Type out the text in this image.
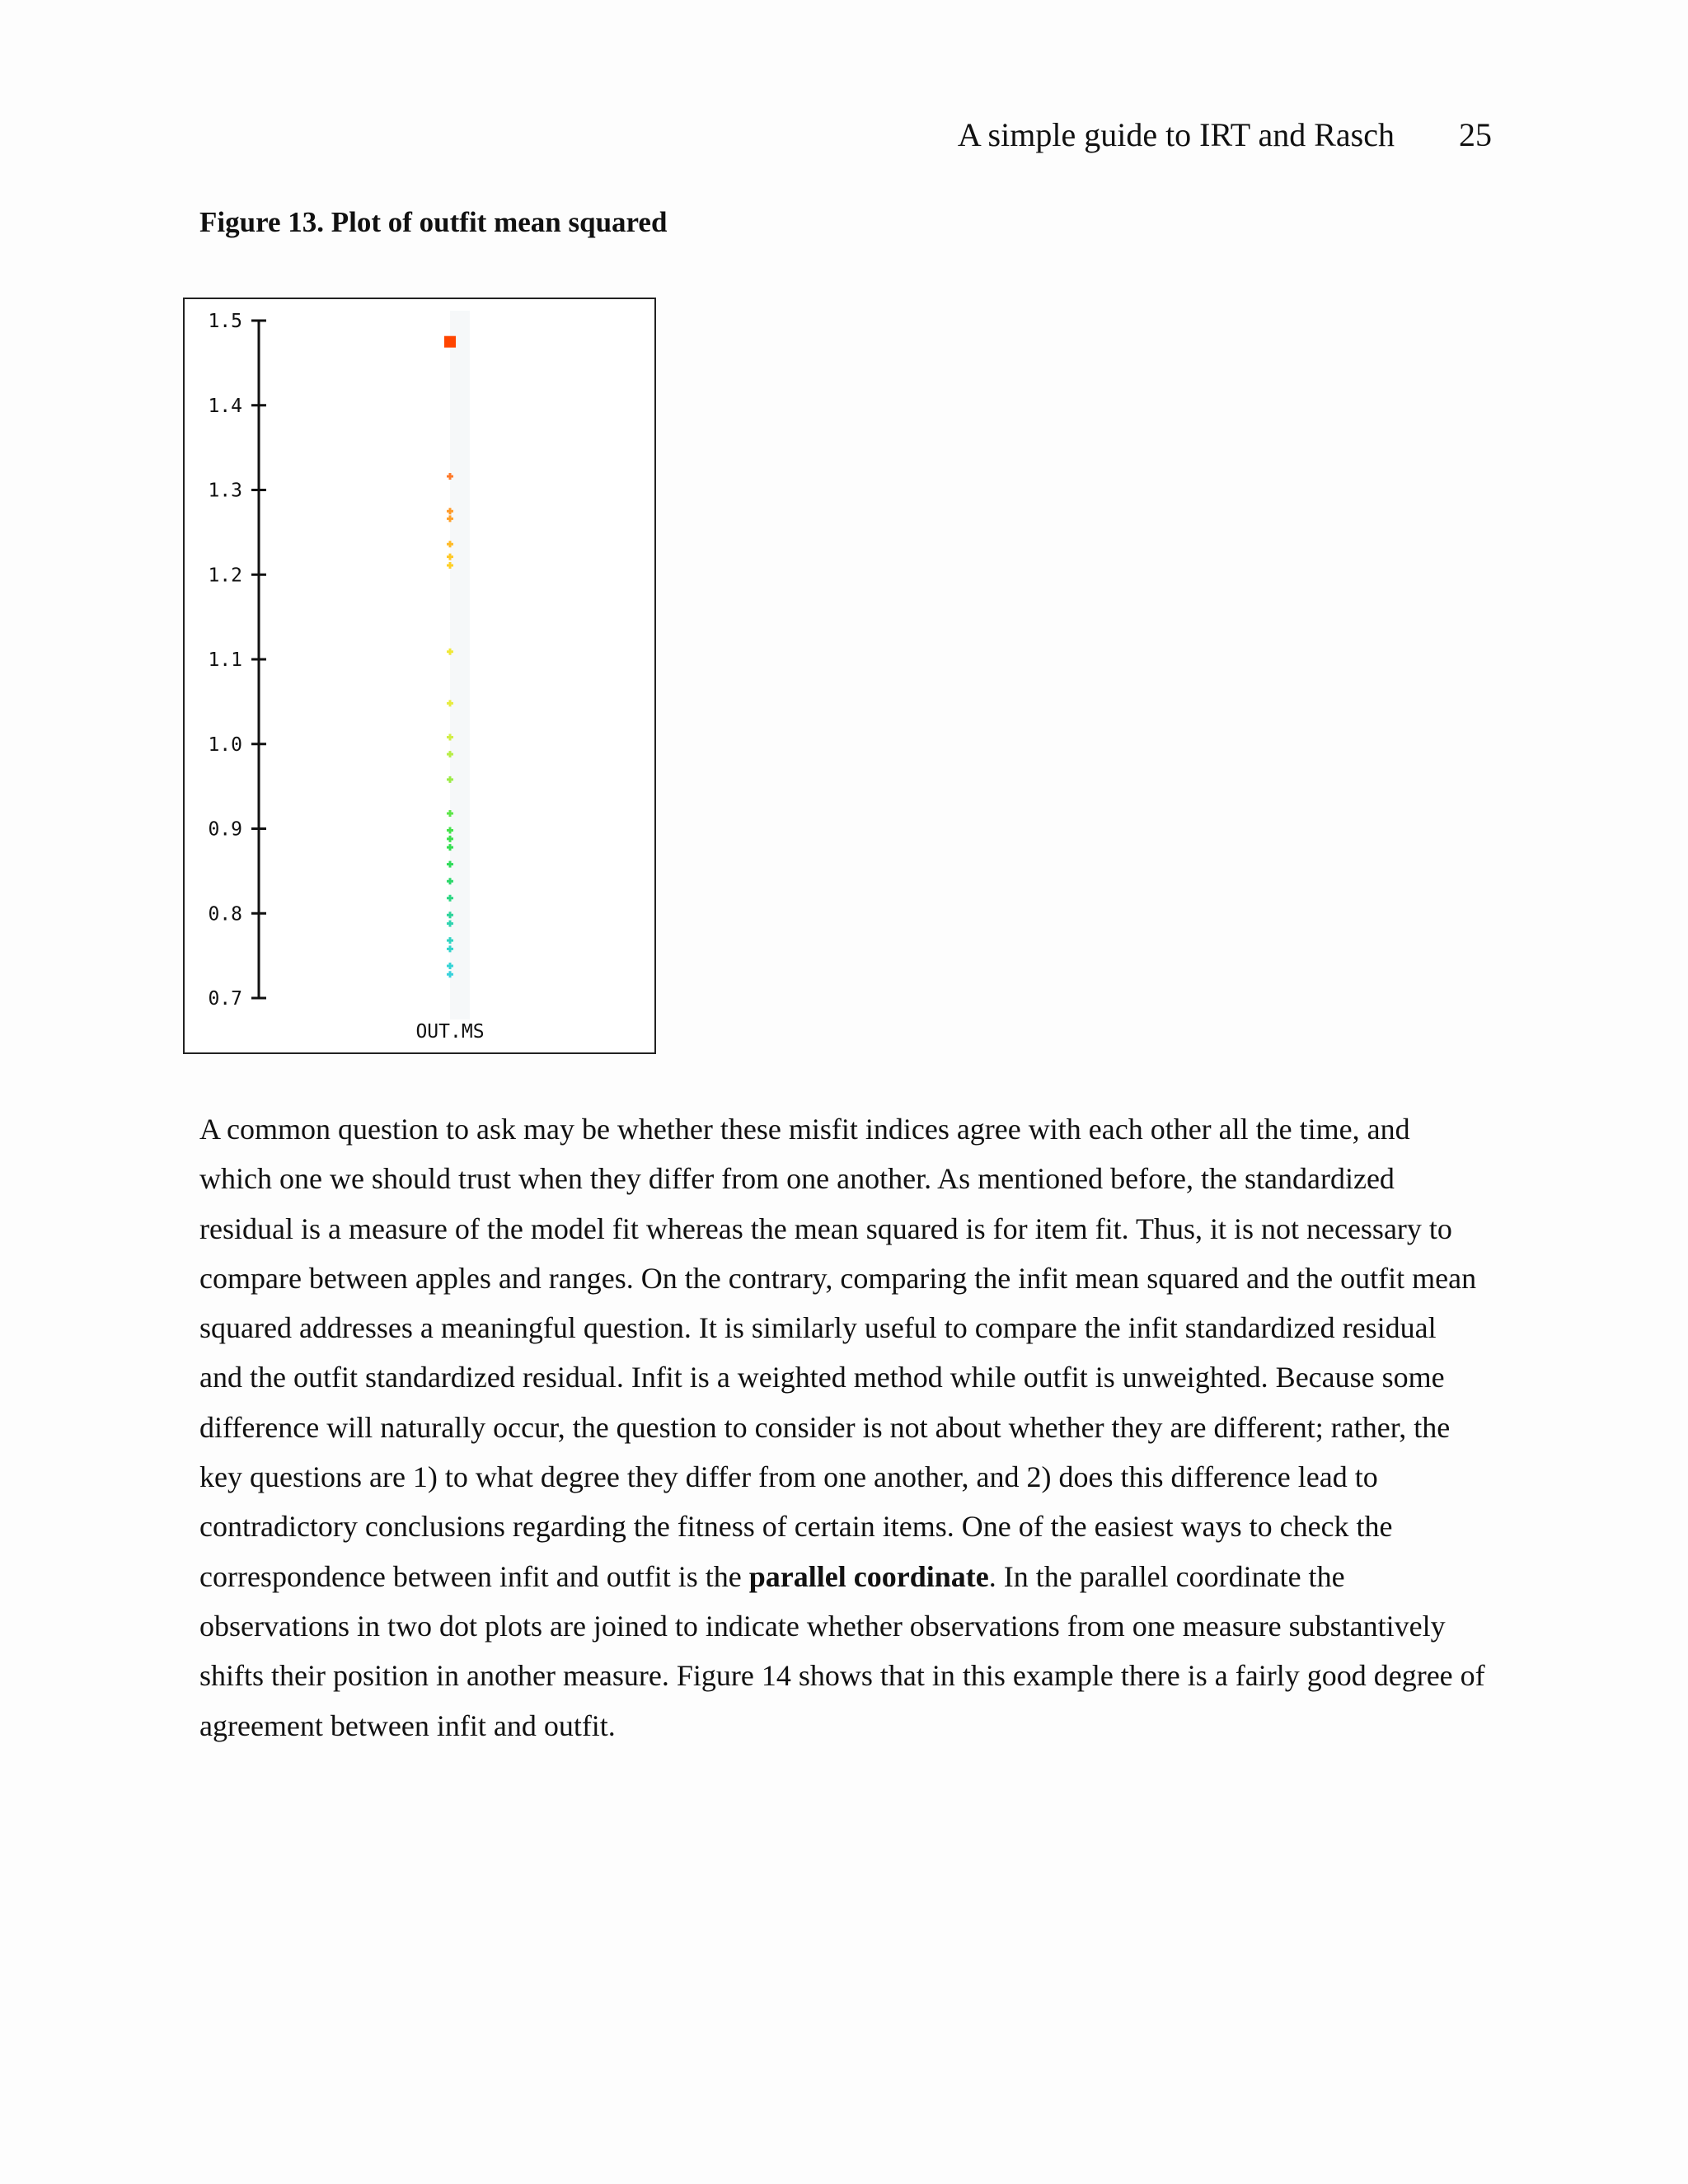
A simple guide to IRT and Rasch 25
Figure 13. Plot of outfit mean squared
1.5
1.4
1.3
1.2
1.1
1.0
0.9
0.8
0.7
OUT.MS

A common question to ask may be whether these misfit indices agree with each other all the time, and
which one we should trust when they differ from one another. As mentioned before, the standardized
residual is a measure of the model fit whereas the mean squared is for item fit. Thus, it is not necessary to
compare between apples and ranges. On the contrary, comparing the infit mean squared and the outfit mean
squared addresses a meaningful question. It is similarly useful to compare the infit standardized residual
and the outfit standardized residual. Infit is a weighted method while outfit is unweighted. Because some
difference will naturally occur, the question to consider is not about whether they are different; rather, the
key questions are 1) to what degree they differ from one another, and 2) does this difference lead to
contradictory conclusions regarding the fitness of certain items. One of the easiest ways to check the
correspondence between infit and outfit is the parallel coordinate. In the parallel coordinate the
observations in two dot plots are joined to indicate whether observations from one measure substantively
shifts their position in another measure. Figure 14 shows that in this example there is a fairly good degree of
agreement between infit and outfit.
